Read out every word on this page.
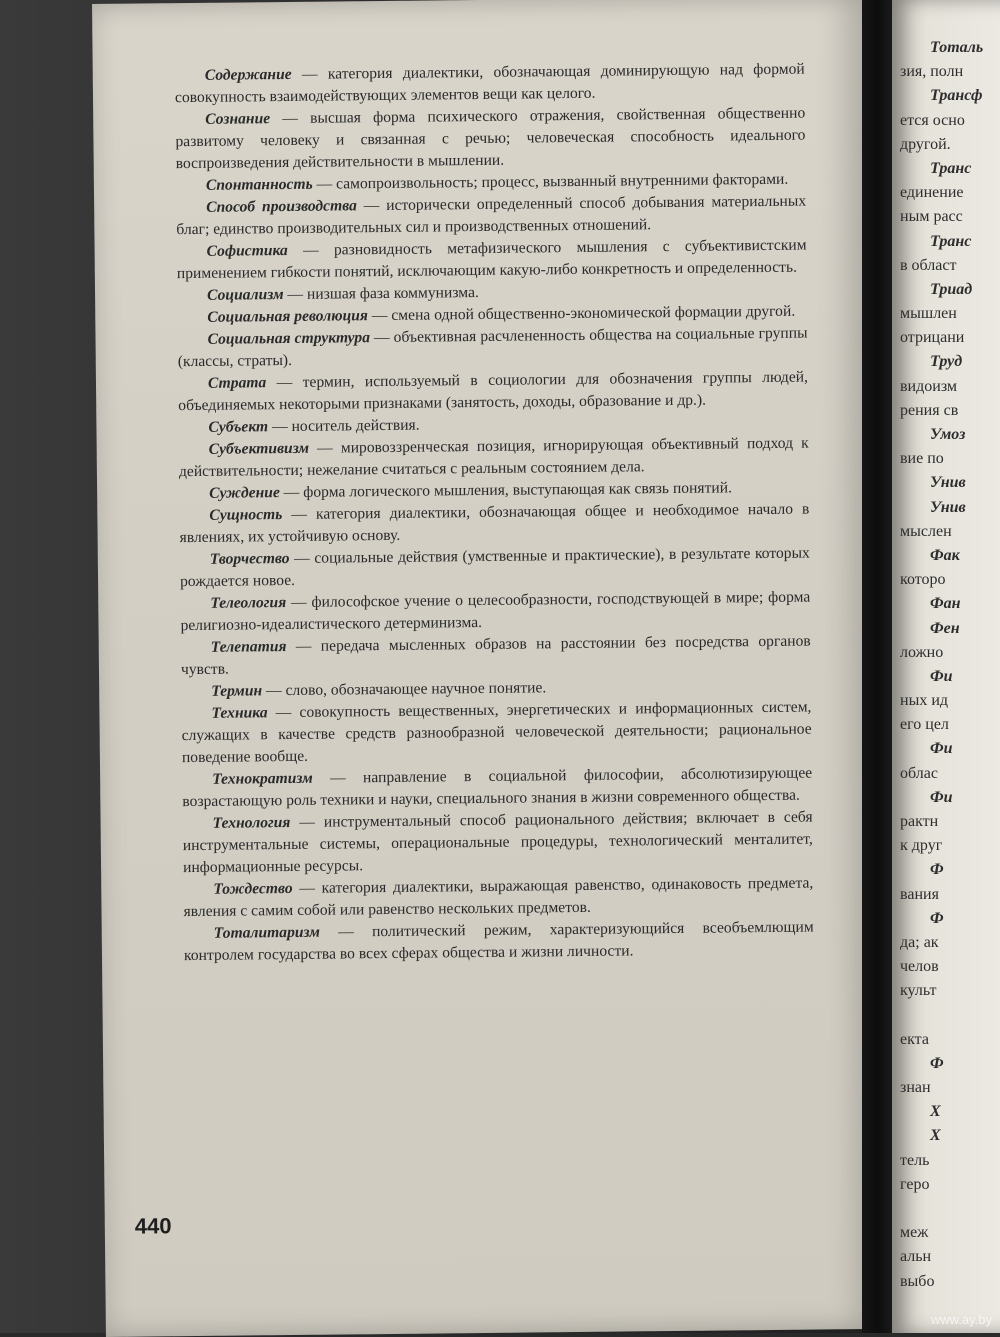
Содержание — категория диалектики, обозначающая доминирующую над формой совокупность взаимодействующих элементов вещи как целого.

Сознание — высшая форма психического отражения, свойственная общественно развитому человеку и связанная с речью; человеческая способность идеального воспроизведения действительности в мышлении.

Спонтанность — самопроизвольность; процесс, вызванный внутренними факторами.

Способ производства — исторически определенный способ добывания материальных благ; единство производительных сил и производственных отношений.

Софистика — разновидность метафизического мышления с субъективистским применением гибкости понятий, исключающим какую-либо конкретность и определенность.

Социализм — низшая фаза коммунизма.

Социальная революция — смена одной общественно-экономической формации другой.

Социальная структура — объективная расчлененность общества на социальные группы (классы, страты).

Страта — термин, используемый в социологии для обозначения группы людей, объединяемых некоторыми признаками (занятость, доходы, образование и др.).

Субъект — носитель действия.

Субъективизм — мировоззренческая позиция, игнорирующая объективный подход к действительности; нежелание считаться с реальным состоянием дела.

Суждение — форма логического мышления, выступающая как связь понятий.

Сущность — категория диалектики, обозначающая общее и необходимое начало в явлениях, их устойчивую основу.

Творчество — социальные действия (умственные и практические), в результате которых рождается новое.

Телеология — философское учение о целесообразности, господствующей в мире; форма религиозно-идеалистического детерминизма.

Телепатия — передача мысленных образов на расстоянии без посредства органов чувств.

Термин — слово, обозначающее научное понятие.

Техника — совокупность вещественных, энергетических и информационных систем, служащих в качестве средств разнообразной человеческой деятельности; рациональное поведение вообще.

Технократизм — направление в социальной философии, абсолютизирующее возрастающую роль техники и науки, специального знания в жизни современного общества.

Технология — инструментальный способ рационального действия; включает в себя инструментальные системы, операциональные процедуры, технологический менталитет, информационные ресурсы.

Тождество — категория диалектики, выражающая равенство, одинаковость предмета, явления с самим собой или равенство нескольких предметов.

Тоталитаризм — политический режим, характеризующийся всеобъемлющим контролем государства во всех сферах общества и жизни личности.

440
Тоталь
зия, полн
Трансф
ется осно
другой.
Транс
единение
ным расс
Транс
в област
Триад
мышлен
отрицани
Труд
видоизм
рения св
Умоз
вие по
Унив
Унив
мыслен
Фак
которо
Фан
Фен
ложно
Фи
ных ид
его цел
Фи
облас
Фи
рактн
к друг
Ф
вания
Ф
да; ак
челов
культ
екта
Ф
знан
Х
Х
тель
геро
меж
альн
выбо
www.ay.by
